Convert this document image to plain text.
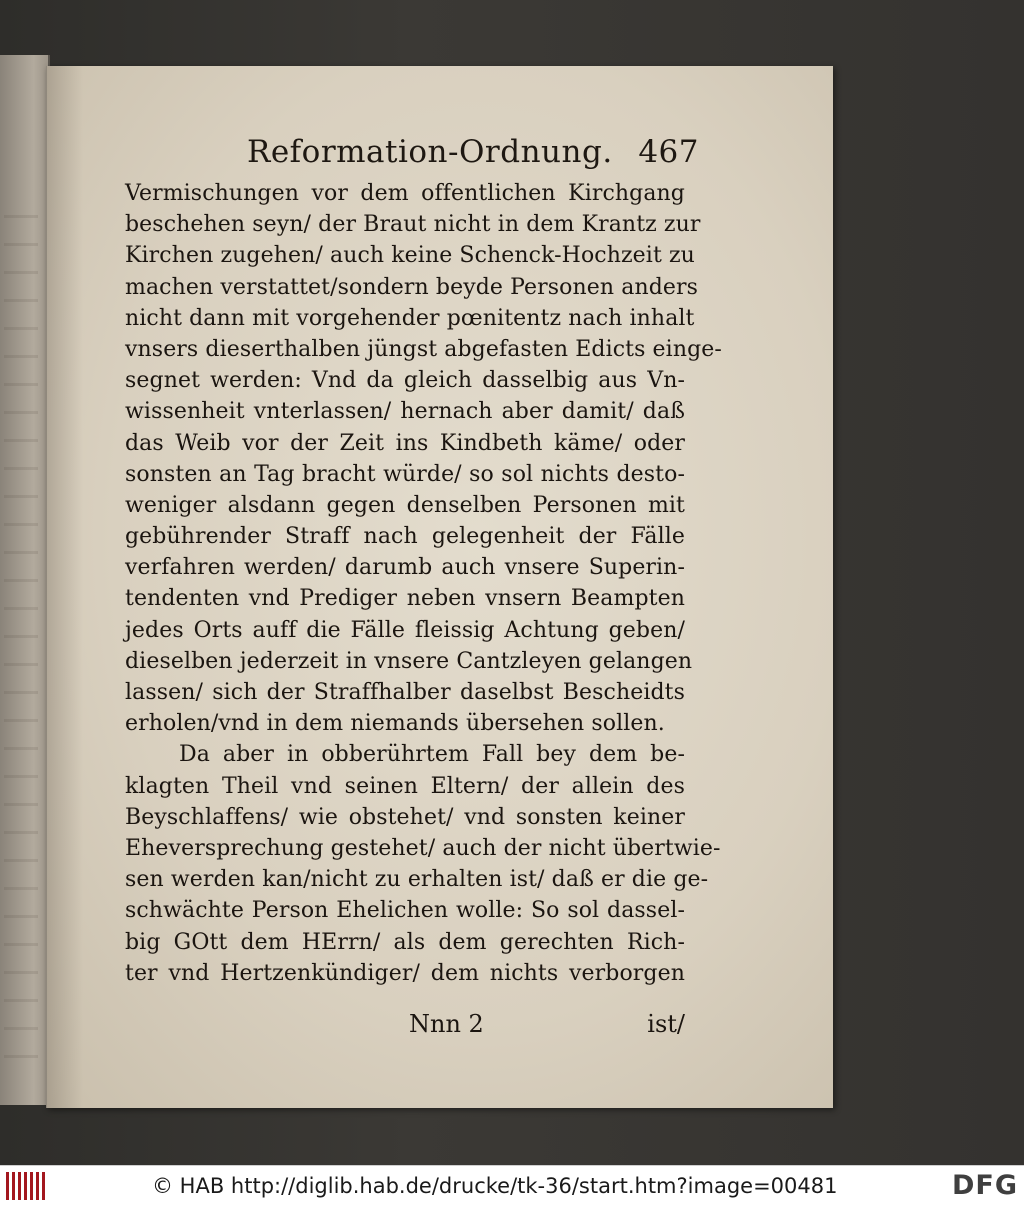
Reformation-Ordnung. 467
Vermischungen vor dem offentlichen Kirchgang
beschehen seyn/ der Braut nicht in dem Krantz zur
Kirchen zugehen/ auch keine Schenck-Hochzeit zu
machen verstattet/sondern beyde Personen anders
nicht dann mit vorgehender pœnitentz nach inhalt
vnsers dieserthalben jüngst abgefasten Edicts einge-
segnet werden: Vnd da gleich dasselbig aus Vn-
wissenheit vnterlassen/ hernach aber damit/ daß
das Weib vor der Zeit ins Kindbeth käme/ oder
sonsten an Tag bracht würde/ so sol nichts desto-
weniger alsdann gegen denselben Personen mit
gebührender Straff nach gelegenheit der Fälle
verfahren werden/ darumb auch vnsere Superin-
tendenten vnd Prediger neben vnsern Beampten
jedes Orts auff die Fälle fleissig Achtung geben/
dieselben jederzeit in vnsere Cantzleyen gelangen
lassen/ sich der Straffhalber daselbst Bescheidts
erholen/vnd in dem niemands übersehen sollen.
Da aber in obberührtem Fall bey dem be-
klagten Theil vnd seinen Eltern/ der allein des
Beyschlaffens/ wie obstehet/ vnd sonsten keiner
Eheversprechung gestehet/ auch der nicht übertwie-
sen werden kan/nicht zu erhalten ist/ daß er die ge-
schwächte Person Ehelichen wolle: So sol dassel-
big GOtt dem HErrn/ als dem gerechten Rich-
ter vnd Hertzenkündiger/ dem nichts verborgen
Nnn 2	ist/
© HAB http://diglib.hab.de/drucke/tk-36/start.htm?image=00481	DFG
